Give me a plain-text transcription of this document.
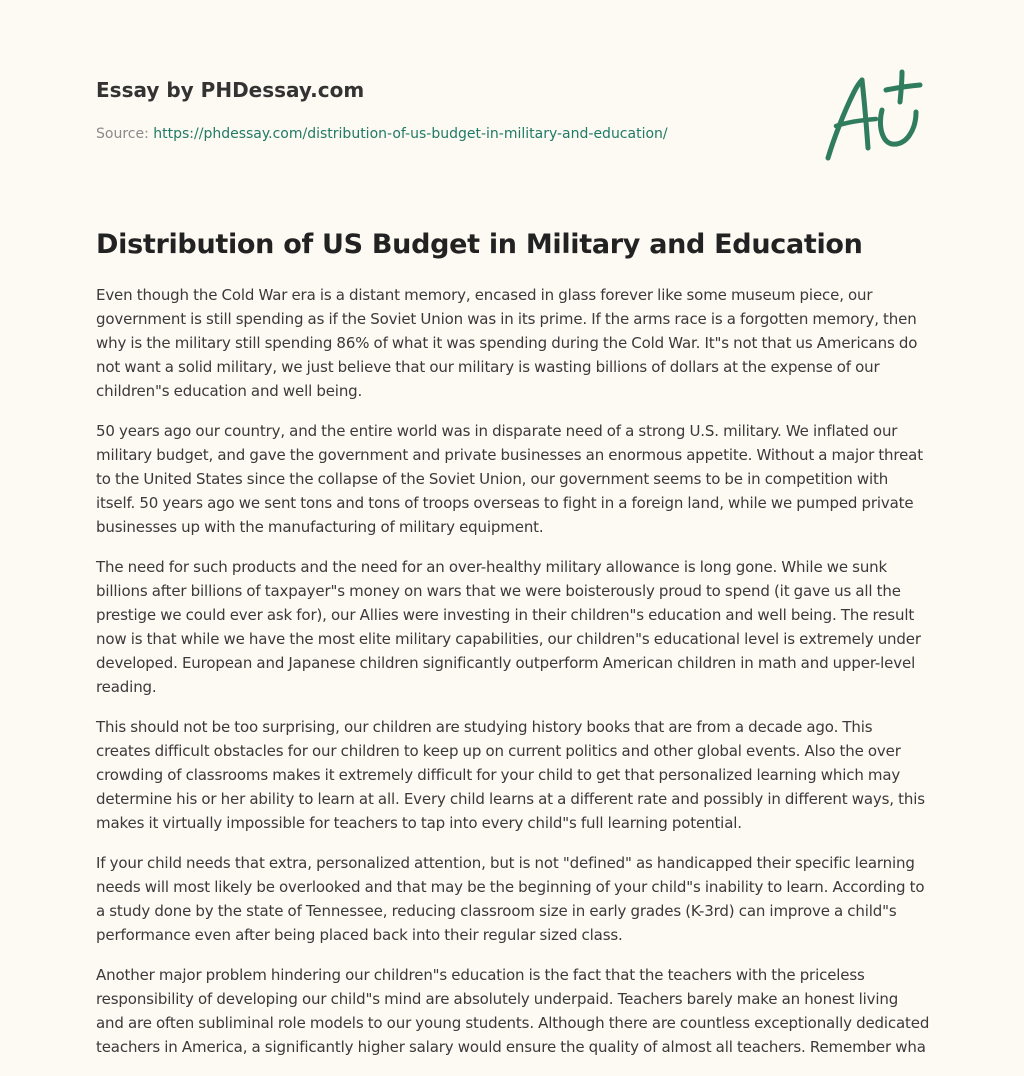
Essay by PHDessay.com
Source: https://phdessay.com/distribution-of-us-budget-in-military-and-education/
Distribution of US Budget in Military and Education

Even though the Cold War era is a distant memory, encased in glass forever like some museum piece, our government is still spending as if the Soviet Union was in its prime. If the arms race is a forgotten memory, then why is the military still spending 86% of what it was spending during the Cold War. It"s not that us Americans do not want a solid military, we just believe that our military is wasting billions of dollars at the expense of our children"s education and well being.

50 years ago our country, and the entire world was in disparate need of a strong U.S. military. We inflated our military budget, and gave the government and private businesses an enormous appetite. Without a major threat to the United States since the collapse of the Soviet Union, our government seems to be in competition with itself. 50 years ago we sent tons and tons of troops overseas to fight in a foreign land, while we pumped private businesses up with the manufacturing of military equipment.

The need for such products and the need for an over-healthy military allowance is long gone. While we sunk billions after billions of taxpayer"s money on wars that we were boisterously proud to spend (it gave us all the prestige we could ever ask for), our Allies were investing in their children"s education and well being. The result now is that while we have the most elite military capabilities, our children"s educational level is extremely under developed. European and Japanese children significantly outperform American children in math and upper-level reading.

This should not be too surprising, our children are studying history books that are from a decade ago. This creates difficult obstacles for our children to keep up on current politics and other global events. Also the over crowding of classrooms makes it extremely difficult for your child to get that personalized learning which may determine his or her ability to learn at all. Every child learns at a different rate and possibly in different ways, this makes it virtually impossible for teachers to tap into every child"s full learning potential.

If your child needs that extra, personalized attention, but is not "defined" as handicapped their specific learning needs will most likely be overlooked and that may be the beginning of your child"s inability to learn. According to a study done by the state of Tennessee, reducing classroom size in early grades (K-3rd) can improve a child"s performance even after being placed back into their regular sized class.

Another major problem hindering our children"s education is the fact that the teachers with the priceless responsibility of developing our child"s mind are absolutely underpaid. Teachers barely make an honest living and are often subliminal role models to our young students. Although there are countless exceptionally dedicated teachers in America, a significantly higher salary would ensure the quality of almost all teachers. Remember wha
